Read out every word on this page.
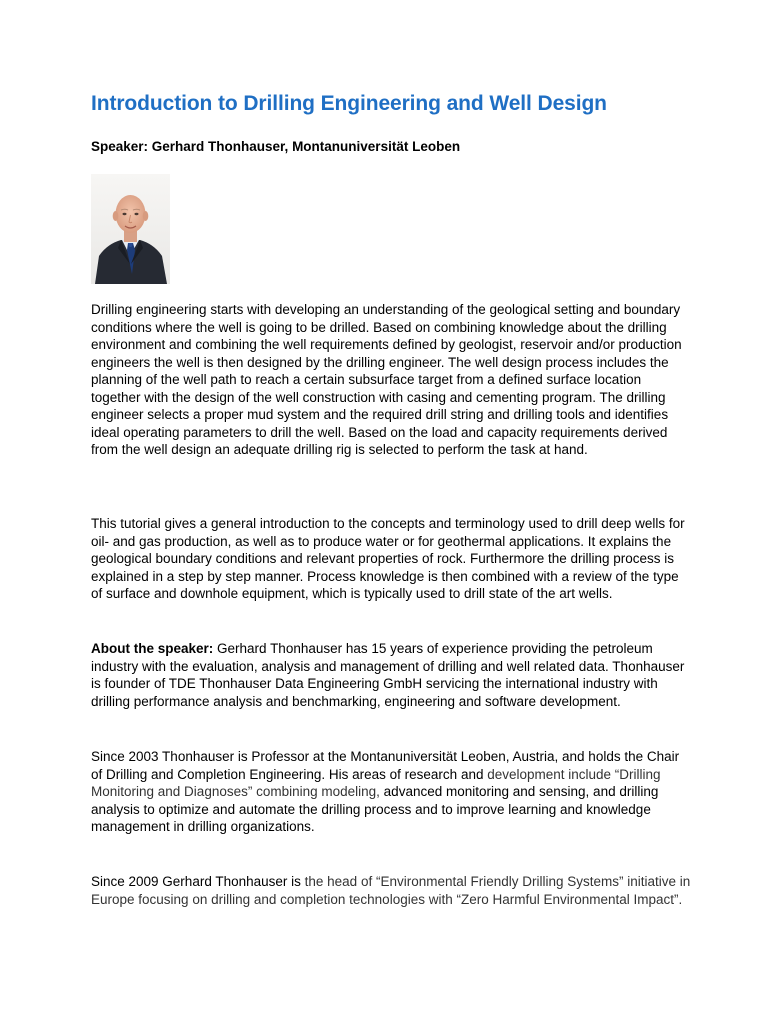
Introduction to Drilling Engineering and Well Design

Speaker: Gerhard Thonhauser, Montanuniversität Leoben

Drilling engineering starts with developing an understanding of the geological setting and boundary conditions where the well is going to be drilled. Based on combining knowledge about the drilling environment and combining the well requirements defined by geologist, reservoir and/or production engineers the well is then designed by the drilling engineer. The well design process includes the planning of the well path to reach a certain subsurface target from a defined surface location together with the design of the well construction with casing and cementing program. The drilling engineer selects a proper mud system and the required drill string and drilling tools and identifies ideal operating parameters to drill the well. Based on the load and capacity requirements derived from the well design an adequate drilling rig is selected to perform the task at hand.

This tutorial gives a general introduction to the concepts and terminology used to drill deep wells for oil- and gas production, as well as to produce water or for geothermal applications. It explains the geological boundary conditions and relevant properties of rock. Furthermore the drilling process is explained in a step by step manner. Process knowledge is then combined with a review of the type of surface and downhole equipment, which is typically used to drill state of the art wells.

About the speaker: Gerhard Thonhauser has 15 years of experience providing the petroleum industry with the evaluation, analysis and management of drilling and well related data. Thonhauser is founder of TDE Thonhauser Data Engineering GmbH servicing the international industry with drilling performance analysis and benchmarking, engineering and software development.

Since 2003 Thonhauser is Professor at the Montanuniversität Leoben, Austria, and holds the Chair of Drilling and Completion Engineering. His areas of research and development include “Drilling Monitoring and Diagnoses” combining modeling, advanced monitoring and sensing, and drilling analysis to optimize and automate the drilling process and to improve learning and knowledge management in drilling organizations.

Since 2009 Gerhard Thonhauser is the head of “Environmental Friendly Drilling Systems” initiative in Europe focusing on drilling and completion technologies with “Zero Harmful Environmental Impact”.
